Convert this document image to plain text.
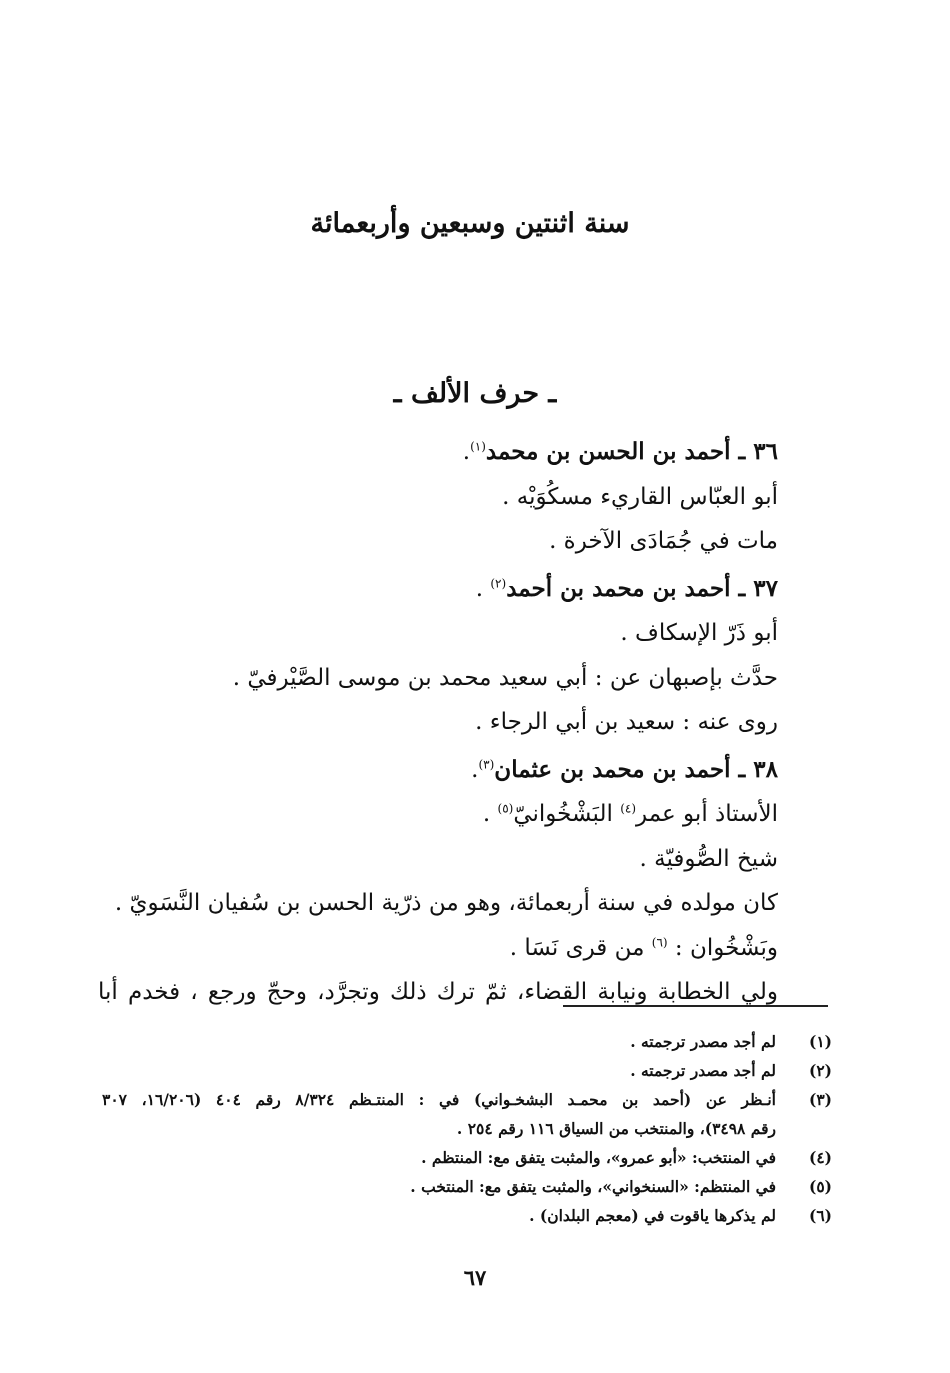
سنة اثنتين وسبعين وأربعمائة
ـ حرف الألف ـ
٣٦ ـ أحمد بن الحسن بن محمد$^{(١)}$.
أبو العبّاس القاريء مسكُوَيْه .
مات في جُمَادَى الآخرة .
٣٧ ـ أحمد بن محمد بن أحمد$^{(٢)}$ .
أبو ذَرّ الإسكاف .
حدَّث بإصبهان عن : أبي سعيد محمد بن موسى الصَّيْرفيّ .
روى عنه : سعيد بن أبي الرجاء .
٣٨ ـ أحمد بن محمد بن عثمان$^{(٣)}$.
الأستاذ أبو عمر$^{(٤)}$ البَشْخُوانيّ$^{(٥)}$ .
شيخ الصُّوفيّة .
كان مولده في سنة أربعمائة، وهو من ذرّية الحسن بن سُفيان النَّسَويّ .
وبَشْخُوان : $^{(٦)}$ من قرى نَسَا .
ولي الخطابة ونيابة القضاء، ثمّ ترك ذلك وتجرَّد، وحجّ ورجع ، فخدم أبا
(١)
لم أجد مصدر ترجمته .
(٢)
لم أجد مصدر ترجمته .
(٣)
أنـظر عن (أحمد بن محمـد البشخـواني) في : المنتـظم ٨/٣٢٤ رقم ٤٠٤ (١٦/٢٠٦، ٣٠٧
رقم ٣٤٩٨)، والمنتخب من السياق ١١٦ رقم ٢٥٤ .
(٤)
في المنتخب: «أبو عمرو»، والمثبت يتفق مع: المنتظم .
(٥)
في المنتظم: «السنخواني»، والمثبت يتفق مع: المنتخب .
(٦)
لم يذكرها ياقوت في (معجم البلدان) .
٦٧
